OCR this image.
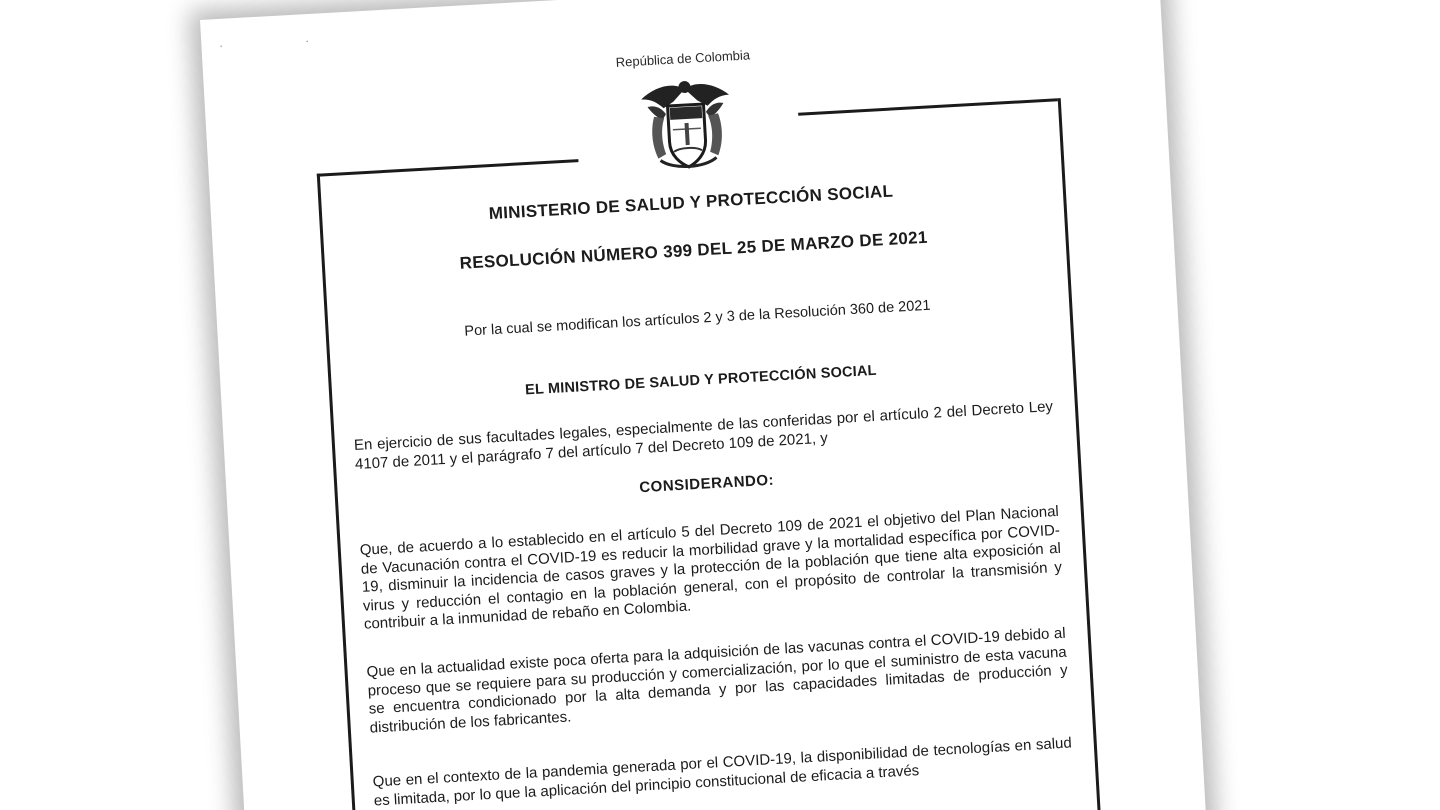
· ·
República de Colombia
MINISTERIO DE SALUD Y PROTECCIÓN SOCIAL
RESOLUCIÓN NÚMERO 399 DEL 25 DE MARZO DE 2021
Por la cual se modifican los artículos 2 y 3 de la Resolución 360 de 2021
EL MINISTRO DE SALUD Y PROTECCIÓN SOCIAL
En ejercicio de sus facultades legales, especialmente de las conferidas por el artículo 2 del Decreto Ley 4107 de 2011 y el parágrafo 7 del artículo 7 del Decreto 109 de 2021, y
CONSIDERANDO:
Que, de acuerdo a lo establecido en el artículo 5 del Decreto 109 de 2021 el objetivo del Plan Nacional de Vacunación contra el COVID-19 es reducir la morbilidad grave y la mortalidad específica por COVID-19, disminuir la incidencia de casos graves y la protección de la población que tiene alta exposición al virus y reducción el contagio en la población general, con el propósito de controlar la transmisión y contribuir a la inmunidad de rebaño en Colombia.
Que en la actualidad existe poca oferta para la adquisición de las vacunas contra el COVID-19 debido al proceso que se requiere para su producción y comercialización, por lo que el suministro de esta vacuna se encuentra condicionado por la alta demanda y por las capacidades limitadas de producción y distribución de los fabricantes.
Que en el contexto de la pandemia generada por el COVID-19, la disponibilidad de tecnologías en salud es limitada, por lo que la aplicación del principio constitucional de eficacia a través
